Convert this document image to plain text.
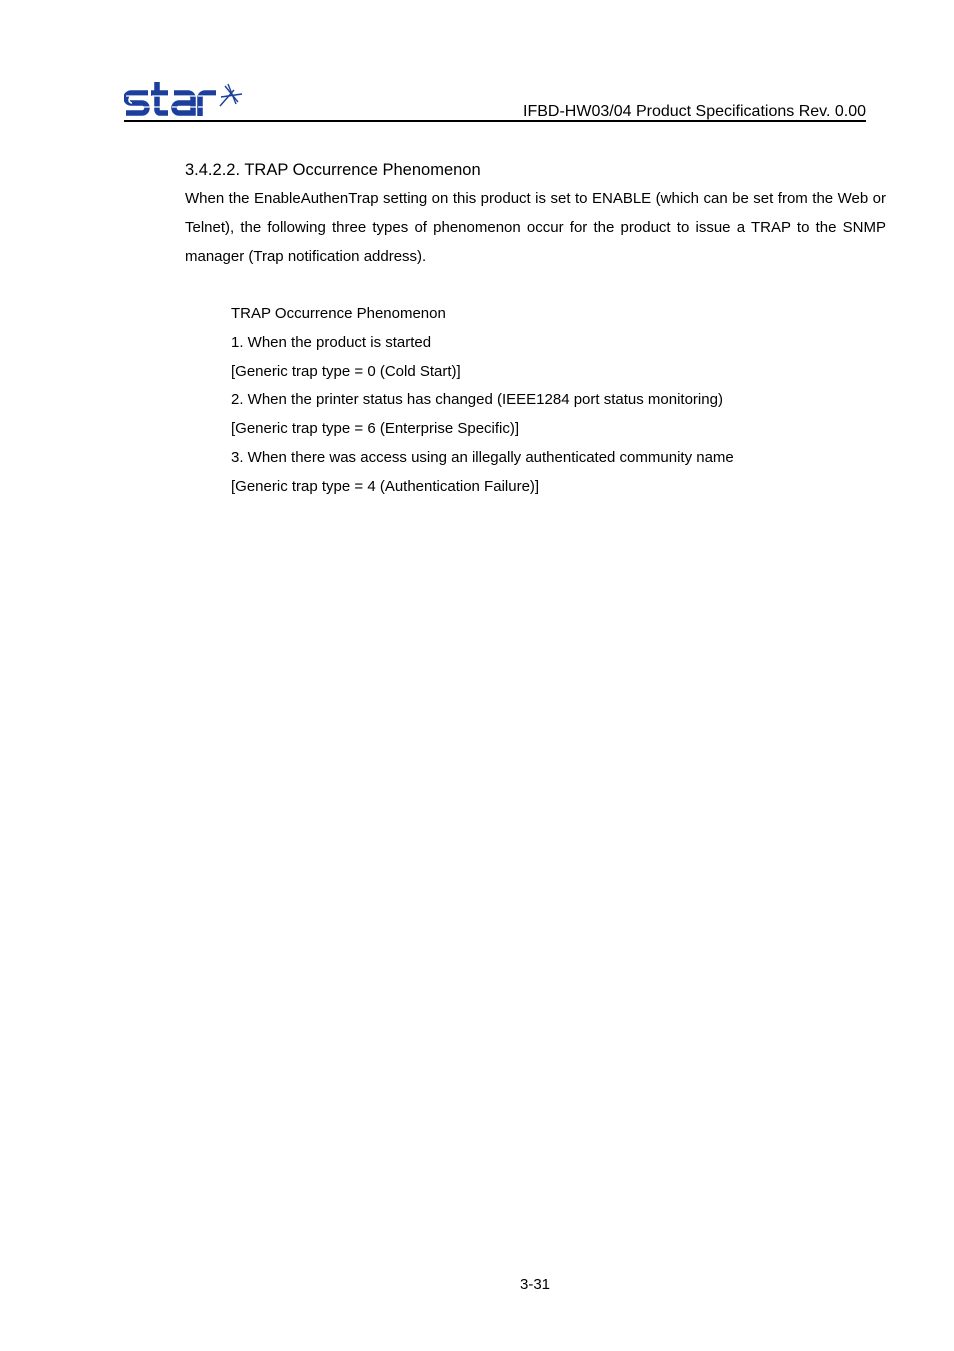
IFBD-HW03/04 Product Specifications Rev. 0.00
3.4.2.2. TRAP Occurrence Phenomenon

When the EnableAuthenTrap setting on this product is set to ENABLE (which can be set from the Web or Telnet), the following three types of phenomenon occur for the product to issue a TRAP to the SNMP manager (Trap notification address).

TRAP Occurrence Phenomenon
1. When the product is started
[Generic trap type = 0 (Cold Start)]
2. When the printer status has changed (IEEE1284 port status monitoring)
[Generic trap type = 6 (Enterprise Specific)]
3. When there was access using an illegally authenticated community name
[Generic trap type = 4 (Authentication Failure)]
3-31
